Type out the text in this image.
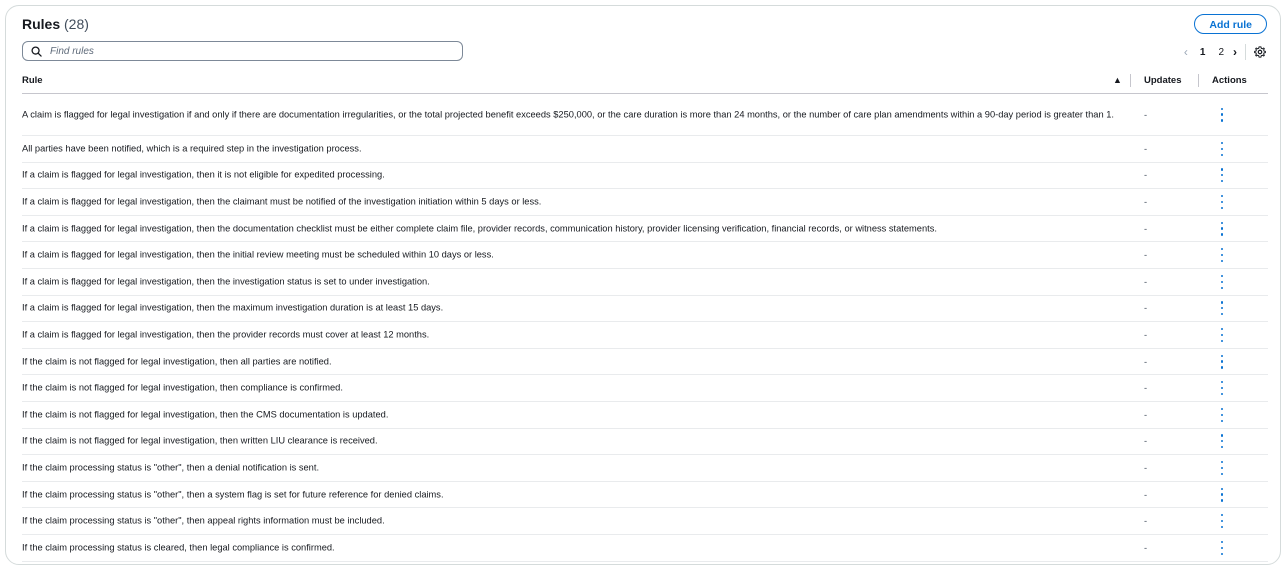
Rules (28)	Add rule
Find rules
‹ 1 2 ›
Rule	▲ Updates	Actions
A claim is flagged for legal investigation if and only if there are documentation irregularities, or the total projected benefit exceeds $250,000, or the care duration is more than 24 months, or the number of care plan amendments within a 90-day period is greater than 1.	-
All parties have been notified, which is a required step in the investigation process.	-
If a claim is flagged for legal investigation, then it is not eligible for expedited processing.	-
If a claim is flagged for legal investigation, then the claimant must be notified of the investigation initiation within 5 days or less.	-
If a claim is flagged for legal investigation, then the documentation checklist must be either complete claim file, provider records, communication history, provider licensing verification, financial records, or witness statements.	-
If a claim is flagged for legal investigation, then the initial review meeting must be scheduled within 10 days or less.	-
If a claim is flagged for legal investigation, then the investigation status is set to under investigation.	-
If a claim is flagged for legal investigation, then the maximum investigation duration is at least 15 days.	-
If a claim is flagged for legal investigation, then the provider records must cover at least 12 months.	-
If the claim is not flagged for legal investigation, then all parties are notified.	-
If the claim is not flagged for legal investigation, then compliance is confirmed.	-
If the claim is not flagged for legal investigation, then the CMS documentation is updated.	-
If the claim is not flagged for legal investigation, then written LIU clearance is received.	-
If the claim processing status is "other", then a denial notification is sent.	-
If the claim processing status is "other", then a system flag is set for future reference for denied claims.	-
If the claim processing status is "other", then appeal rights information must be included.	-
If the claim processing status is cleared, then legal compliance is confirmed.	-
